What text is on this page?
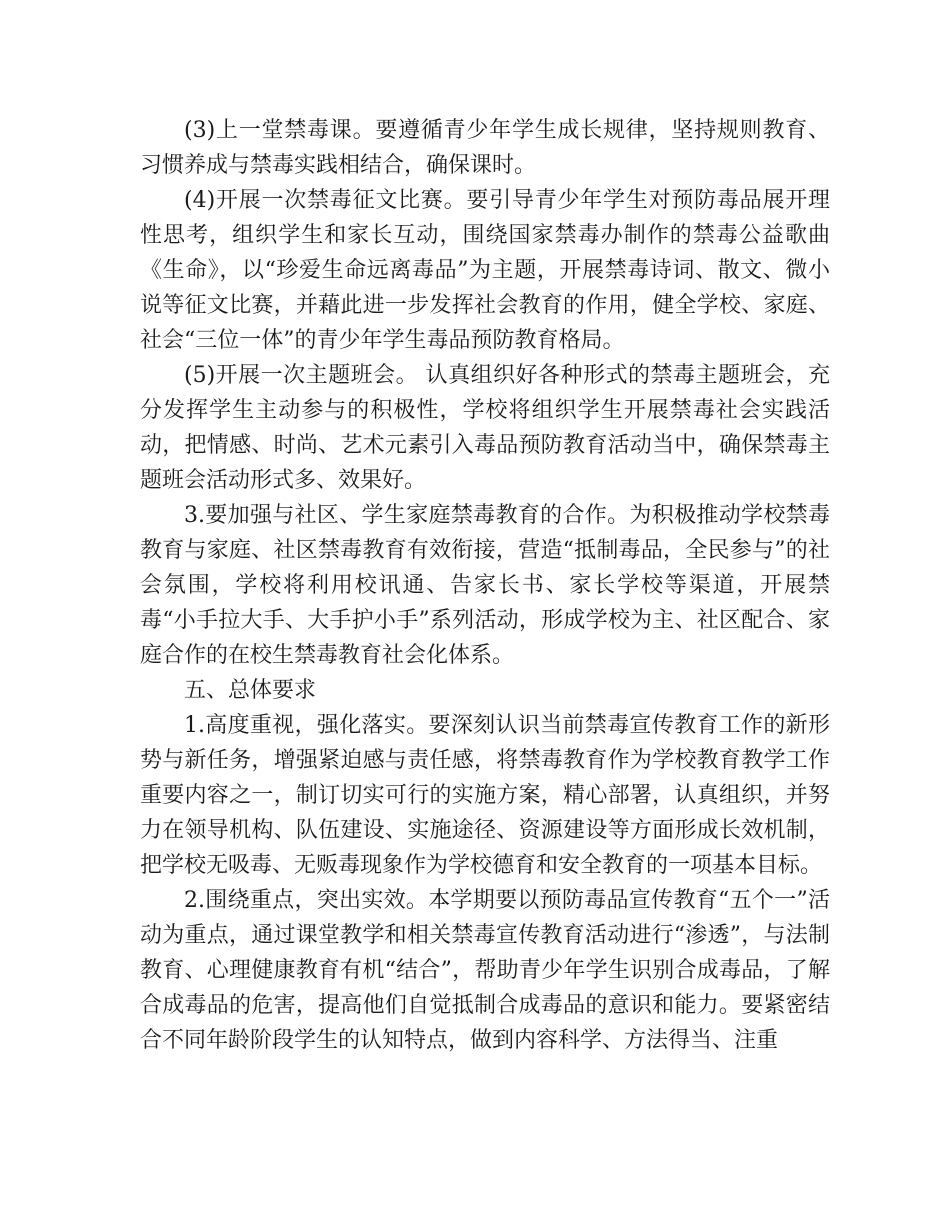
(3)上一堂禁毒课。要遵循青少年学生成长规律，坚持规则教育、习惯养成与禁毒实践相结合，确保课时。

(4)开展一次禁毒征文比赛。要引导青少年学生对预防毒品展开理性思考，组织学生和家长互动，围绕国家禁毒办制作的禁毒公益歌曲《生命》，以“珍爱生命远离毒品”为主题，开展禁毒诗词、散文、微小说等征文比赛，并藉此进一步发挥社会教育的作用，健全学校、家庭、社会“三位一体”的青少年学生毒品预防教育格局。

(5)开展一次主题班会。 认真组织好各种形式的禁毒主题班会，充分发挥学生主动参与的积极性，学校将组织学生开展禁毒社会实践活动，把情感、时尚、艺术元素引入毒品预防教育活动当中，确保禁毒主题班会活动形式多、效果好。

3.要加强与社区、学生家庭禁毒教育的合作。为积极推动学校禁毒教育与家庭、社区禁毒教育有效衔接，营造“抵制毒品，全民参与”的社会氛围，学校将利用校讯通、告家长书、家长学校等渠道，开展禁毒“小手拉大手、大手护小手”系列活动，形成学校为主、社区配合、家庭合作的在校生禁毒教育社会化体系。

五、总体要求

1.高度重视，强化落实。要深刻认识当前禁毒宣传教育工作的新形势与新任务，增强紧迫感与责任感，将禁毒教育作为学校教育教学工作重要内容之一，制订切实可行的实施方案，精心部署，认真组织，并努力在领导机构、队伍建设、实施途径、资源建设等方面形成长效机制，把学校无吸毒、无贩毒现象作为学校德育和安全教育的一项基本目标。

2.围绕重点，突出实效。本学期要以预防毒品宣传教育“五个一”活动为重点，通过课堂教学和相关禁毒宣传教育活动进行“渗透”，与法制教育、心理健康教育有机“结合”，帮助青少年学生识别合成毒品，了解合成毒品的危害，提高他们自觉抵制合成毒品的意识和能力。要紧密结合不同年龄阶段学生的认知特点，做到内容科学、方法得当、注重
